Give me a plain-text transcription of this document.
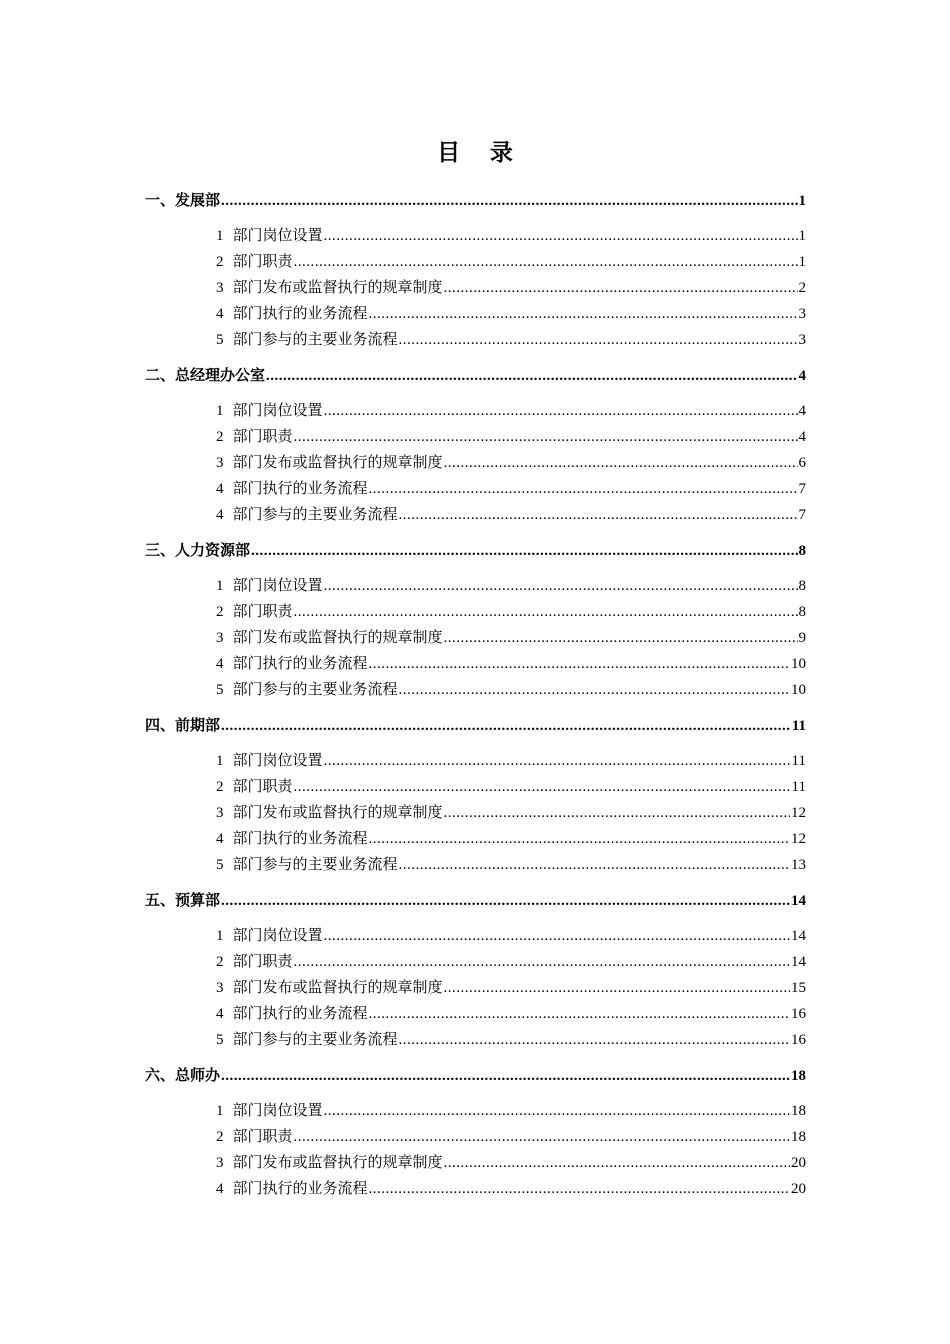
目 录
一、发展部 .....	1
1 部门岗位设置 .....	1
2 部门职责 .....	1
3 部门发布或监督执行的规章制度 .....	2
4 部门执行的业务流程 .....	3
5 部门参与的主要业务流程 .....	3
二、总经理办公室 .....	4
1 部门岗位设置 .....	4
2 部门职责 .....	4
3 部门发布或监督执行的规章制度 .....	6
4 部门执行的业务流程 .....	7
4 部门参与的主要业务流程 .....	7
三、人力资源部 .....	8
1 部门岗位设置 .....	8
2 部门职责 .....	8
3 部门发布或监督执行的规章制度 .....	9
4 部门执行的业务流程 .....	10
5 部门参与的主要业务流程 .....	10
四、前期部 .....	11
1 部门岗位设置 .....	11
2 部门职责 .....	11
3 部门发布或监督执行的规章制度 .....	12
4 部门执行的业务流程 .....	12
5 部门参与的主要业务流程 .....	13
五、预算部 .....	14
1 部门岗位设置 .....	14
2 部门职责 .....	14
3 部门发布或监督执行的规章制度 .....	15
4 部门执行的业务流程 .....	16
5 部门参与的主要业务流程 .....	16
六、总师办 .....	18
1 部门岗位设置 .....	18
2 部门职责 .....	18
3 部门发布或监督执行的规章制度 .....	20
4 部门执行的业务流程 .....	20
